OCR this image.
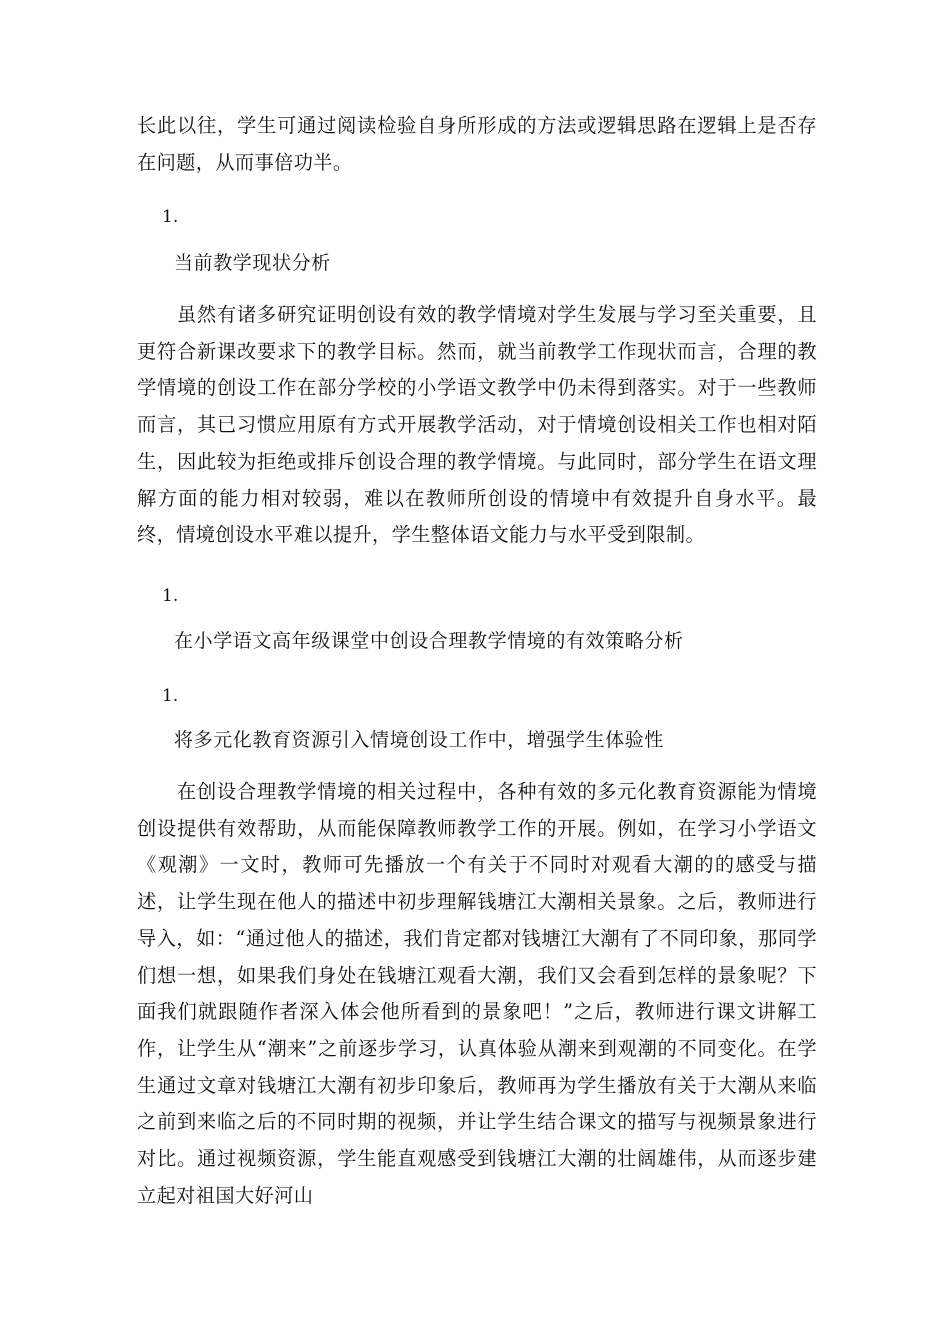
长此以往，学生可通过阅读检验自身所形成的方法或逻辑思路在逻辑上是否存在问题，从而事倍功半。

1.

当前教学现状分析

虽然有诸多研究证明创设有效的教学情境对学生发展与学习至关重要，且更符合新课改要求下的教学目标。然而，就当前教学工作现状而言，合理的教学情境的创设工作在部分学校的小学语文教学中仍未得到落实。对于一些教师而言，其已习惯应用原有方式开展教学活动，对于情境创设相关工作也相对陌生，因此较为拒绝或排斥创设合理的教学情境。与此同时，部分学生在语文理解方面的能力相对较弱，难以在教师所创设的情境中有效提升自身水平。最终，情境创设水平难以提升，学生整体语文能力与水平受到限制。

1.

在小学语文高年级课堂中创设合理教学情境的有效策略分析

1.

将多元化教育资源引入情境创设工作中，增强学生体验性

在创设合理教学情境的相关过程中，各种有效的多元化教育资源能为情境创设提供有效帮助，从而能保障教师教学工作的开展。例如，在学习小学语文《观潮》一文时，教师可先播放一个有关于不同时对观看大潮的的感受与描述，让学生现在他人的描述中初步理解钱塘江大潮相关景象。之后，教师进行导入，如：“通过他人的描述，我们肯定都对钱塘江大潮有了不同印象，那同学们想一想，如果我们身处在钱塘江观看大潮，我们又会看到怎样的景象呢？下面我们就跟随作者深入体会他所看到的景象吧！”之后，教师进行课文讲解工作，让学生从“潮来”之前逐步学习，认真体验从潮来到观潮的不同变化。在学生通过文章对钱塘江大潮有初步印象后，教师再为学生播放有关于大潮从来临之前到来临之后的不同时期的视频，并让学生结合课文的描写与视频景象进行对比。通过视频资源，学生能直观感受到钱塘江大潮的壮阔雄伟，从而逐步建立起对祖国大好河山
